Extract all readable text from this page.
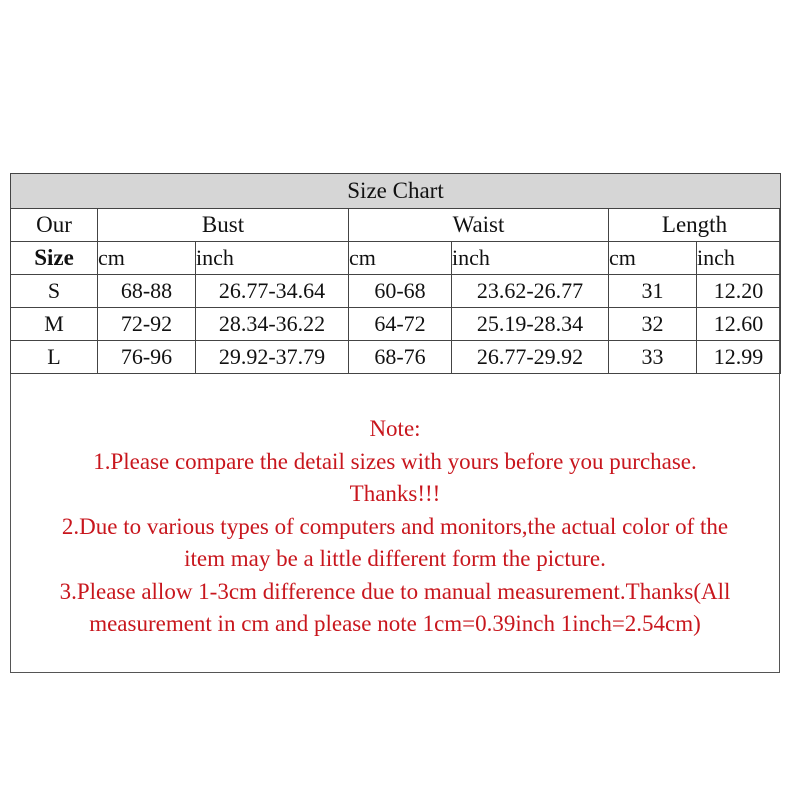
Size Chart						
Our	Bust		Waist		Length	
Size	cm	inch	cm	inch	cm	inch
S	68-88	26.77-34.64	60-68	23.62-26.77	31	12.20
M	72-92	28.34-36.22	64-72	25.19-28.34	32	12.60
L	76-96	29.92-37.79	68-76	26.77-29.92	33	12.99

Note:

1.Please compare the detail sizes with yours before you purchase.

Thanks!!!

2.Due to various types of computers and monitors,the actual color of the

item may be a little different form the picture.

3.Please allow 1-3cm difference due to manual measurement.Thanks(All

measurement in cm and please note 1cm=0.39inch 1inch=2.54cm)
